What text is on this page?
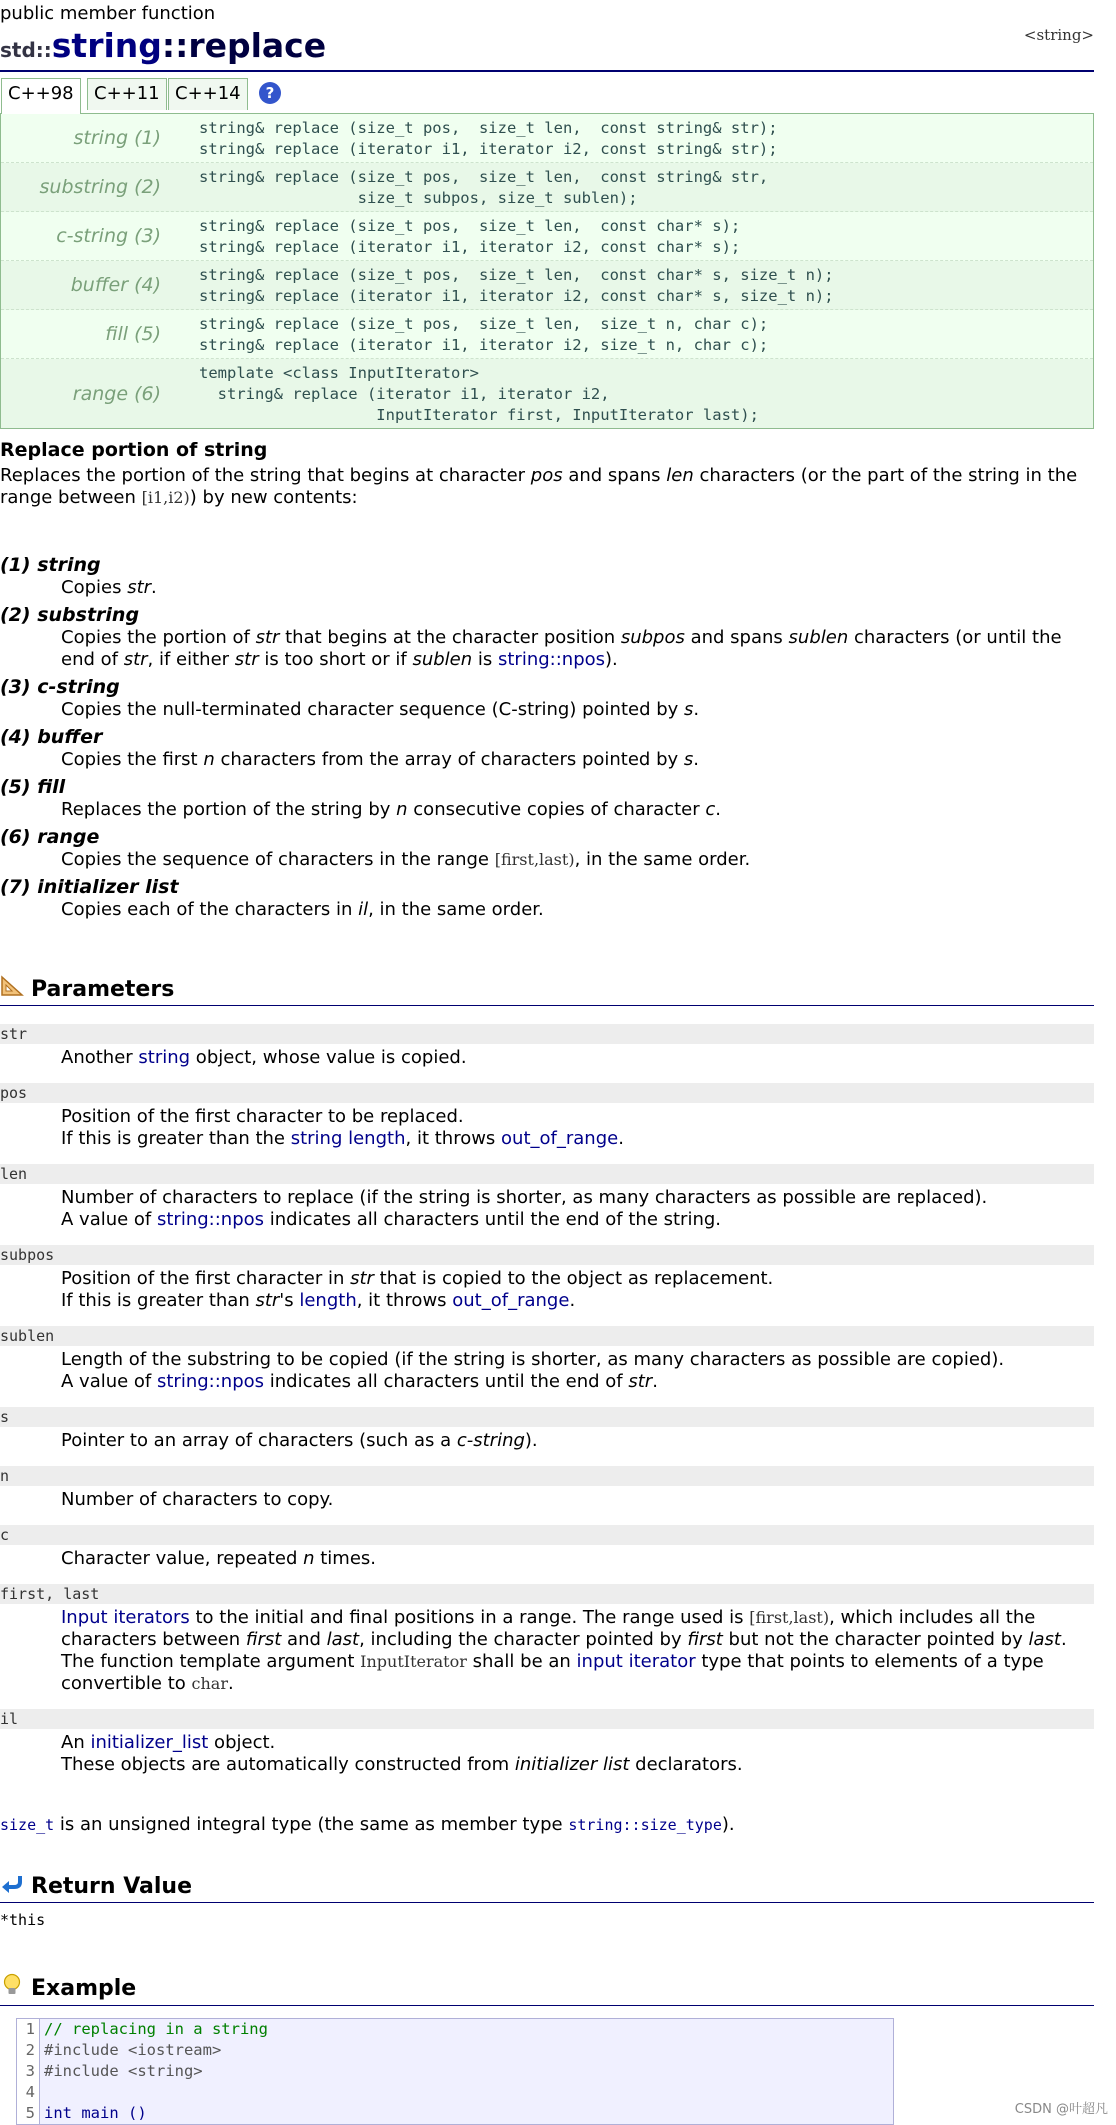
public member function
std::string::replace	<string>
C++98	C++11 C++14	?
string (1)	string& replace (size_t pos,  size_t len,  const string& str);
string& replace (iterator i1, iterator i2, const string& str);
substring (2)	string& replace (size_t pos,  size_t len,  const string& str,
size_t subpos, size_t sublen);
c-string (3)	string& replace (size_t pos,  size_t len,  const char* s);
string& replace (iterator i1, iterator i2, const char* s);
buffer (4)	string& replace (size_t pos,  size_t len,  const char* s, size_t n);
string& replace (iterator i1, iterator i2, const char* s, size_t n);
fill (5)	string& replace (size_t pos,  size_t len,  size_t n, char c);
string& replace (iterator i1, iterator i2, size_t n, char c);
range (6)
template <class InputIterator>
string& replace (iterator i1, iterator i2,
InputIterator first, InputIterator last);
Replace portion of string

Replaces the portion of the string that begins at character pos and spans len characters (or the part of the string in the range between [i1,i2)) by new contents:

(1) string
Copies str.
(2) substring
Copies the portion of str that begins at the character position subpos and spans sublen characters (or until the end of str, if either str is too short or if sublen is string::npos).
(3) c-string
Copies the null-terminated character sequence (C-string) pointed by s.
(4) buffer
Copies the first n characters from the array of characters pointed by s.
(5) fill
Replaces the portion of the string by n consecutive copies of character c.
(6) range
Copies the sequence of characters in the range [first,last), in the same order.
(7) initializer list
Copies each of the characters in il, in the same order.
Parameters
str
Another string object, whose value is copied.
pos
Position of the first character to be replaced.
If this is greater than the string length, it throws out_of_range.
len
Number of characters to replace (if the string is shorter, as many characters as possible are replaced).
A value of string::npos indicates all characters until the end of the string.
subpos
Position of the first character in str that is copied to the object as replacement.
If this is greater than str's length, it throws out_of_range.
sublen
Length of the substring to be copied (if the string is shorter, as many characters as possible are copied).
A value of string::npos indicates all characters until the end of str.
s
Pointer to an array of characters (such as a c-string).
n
Number of characters to copy.
c
Character value, repeated n times.
first, last
Input iterators to the initial and final positions in a range. The range used is [first,last), which includes all the characters between first and last, including the character pointed by first but not the character pointed by last. The function template argument InputIterator shall be an input iterator type that points to elements of a type convertible to char.
il
An initializer_list object.
These objects are automatically constructed from initializer list declarators.

size_t is an unsigned integral type (the same as member type string::size_type).

Return Value
*this
Example
1 // replacing in a string
2 #include <iostream>
3 #include <string>
4
5 int main ()	CSDN @叶超凡
